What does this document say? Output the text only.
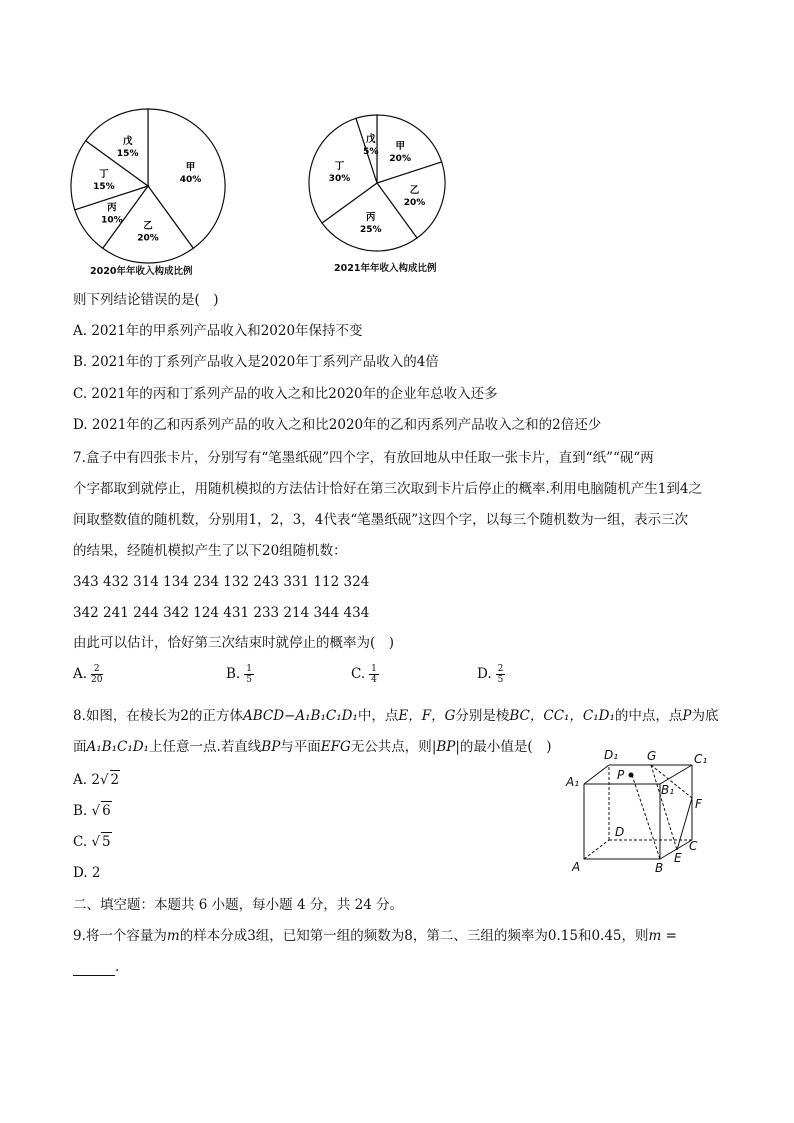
甲
40%
乙
20%
丙
10%
丁
15%
戊
15%
2020年年收入构成比例
甲
20%
乙
20%
丙
25%
丁
30%
戊
5%
2021年年收入构成比例
则下列结论错误的是(　)
A. 2021年的甲系列产品收入和2020年保持不变
B. 2021年的丁系列产品收入是2020年丁系列产品收入的4倍
C. 2021年的丙和丁系列产品的收入之和比2020年的企业年总收入还多
D. 2021年的乙和丙系列产品的收入之和比2020年的乙和丙系列产品收入之和的2倍还少
7.盒子中有四张卡片，分别写有“笔墨纸砚”四个字，有放回地从中任取一张卡片，直到“纸”“砚“两
个字都取到就停止，用随机模拟的方法估计恰好在第三次取到卡片后停止的概率.利用电脑随机产生1到4之
间取整数值的随机数，分别用1，2，3，4代表“笔墨纸砚”这四个字，以每三个随机数为一组，表示三次
的结果，经随机模拟产生了以下20组随机数：
343 432 314 134 234 132 243 331 112 324
342 241 244 342 124 431 233 214 344 434
由此可以估计，恰好第三次结束时就停止的概率为(　)
A. $\frac{2}{20}$	B. $\frac{1}{5}$	C. $\frac{1}{4}$	D. $\frac{2}{5}$
8.如图，在棱长为2的正方体ABCD−A₁B₁C₁D₁中，点E，F，G分别是棱BC，CC₁，C₁D₁的中点，点P为底
面A₁B₁C₁D₁上任意一点.若直线BP与平面EFG无公共点，则|BP|的最小值是(　)
A. 2√ 2
B. √ 6
C. √ 5
D. 2
D₁ G	C₁
A₁	P
B₁
F
D
C
E
A	B
二、填空题：本题共 6 小题，每小题 4 分，共 24 分。
9.将一个容量为m的样本分成3组，已知第一组的频数为8，第二、三组的频率为0.15和0.45，则m =
.
